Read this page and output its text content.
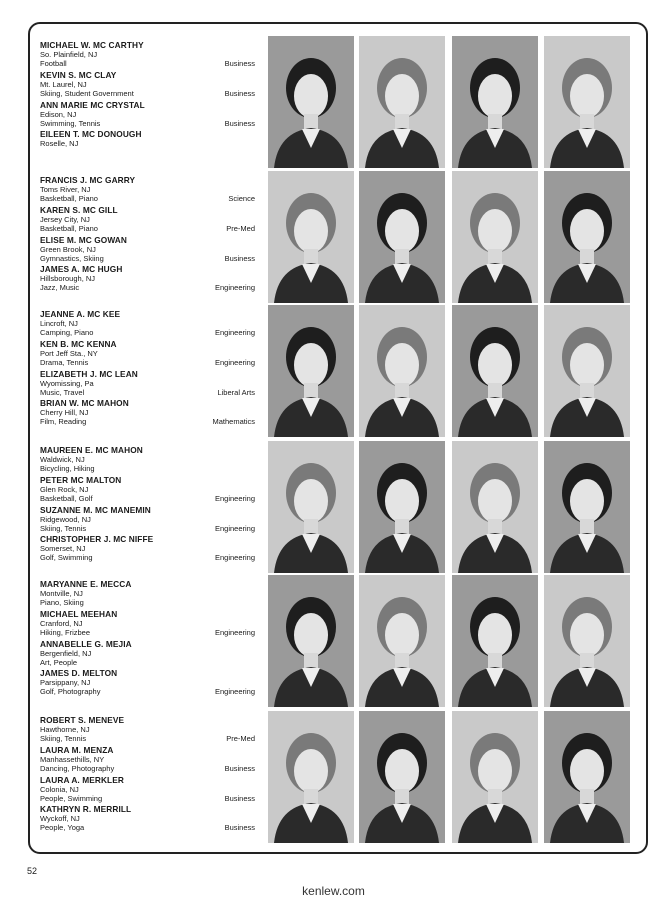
MICHAEL W. MC CARTHY
So. Plainfield, NJ
Football	Business
KEVIN S. MC CLAY
Mt. Laurel, NJ
Skiing, Student Government	Business
ANN MARIE MC CRYSTAL
Edison, NJ
Swimming, Tennis	Business
EILEEN T. MC DONOUGH
Roselle, NJ
FRANCIS J. MC GARRY
Toms River, NJ
Basketball, Piano	Science
KAREN S. MC GILL
Jersey City, NJ
Basketball, Piano	Pre-Med
ELISE M. MC GOWAN
Green Brook, NJ
Gymnastics, Skiing	Business
JAMES A. MC HUGH
Hillsborough, NJ
Jazz, Music	Engineering
JEANNE A. MC KEE
Lincroft, NJ
Camping, Piano	Engineering
KEN B. MC KENNA
Port Jeff Sta., NY
Drama, Tennis	Engineering
ELIZABETH J. MC LEAN
Wyomissing, Pa
Music, Travel	Liberal Arts
BRIAN W. MC MAHON
Cherry Hill, NJ
Film, Reading	Mathematics
MAUREEN E. MC MAHON
Waldwick, NJ
Bicycling, Hiking
PETER MC MALTON
Glen Rock, NJ
Basketball, Golf	Engineering
SUZANNE M. MC MANEMIN
Ridgewood, NJ
Skiing, Tennis	Engineering
CHRISTOPHER J. MC NIFFE
Somerset, NJ
Golf, Swimming	Engineering
MARYANNE E. MECCA
Montville, NJ
Piano, Skiing
MICHAEL MEEHAN
Cranford, NJ
Hiking, Frizbee	Engineering
ANNABELLE G. MEJIA
Bergenfield, NJ
Art, People
JAMES D. MELTON
Parsippany, NJ
Golf, Photography	Engineering
ROBERT S. MENEVE
Hawthorne, NJ
Skiing, Tennis	Pre-Med
LAURA M. MENZA
Manhassethills, NY
Dancing, Photography	Business
LAURA A. MERKLER
Colonia, NJ
People, Swimming	Business
KATHRYN R. MERRILL
Wyckoff, NJ
People, Yoga	Business
52
kenlew.com
